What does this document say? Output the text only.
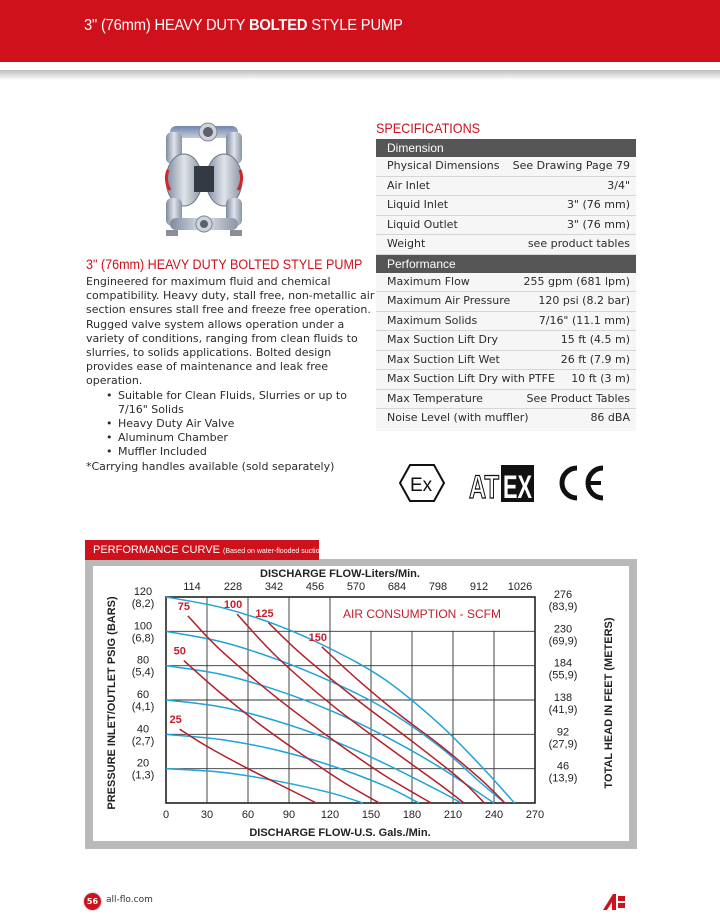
3" (76mm) HEAVY DUTY BOLTED STYLE PUMP
3" (76mm) HEAVY DUTY BOLTED STYLE PUMP

Engineered for maximum fluid and chemical compatibility. Heavy duty, stall free, non-metallic air section ensures stall free and freeze free operation. Rugged valve system allows operation under a variety of conditions, ranging from clean fluids to slurries, to solids applications. Bolted design provides ease of maintenance and leak free operation.

• Suitable for Clean Fluids, Slurries or up to 7/16" Solids
• Heavy Duty Air Valve
• Aluminum Chamber
• Muffler Included
*Carrying handles available (sold separately)
SPECIFICATIONS
Dimension
Physical Dimensions See Drawing Page 79
Air Inlet	3/4"
Liquid Inlet	3" (76 mm)
Liquid Outlet	3" (76 mm)
Weight	see product tables
Performance
Maximum Flow	255 gpm (681 lpm)
Maximum Air Pressure	120 psi (8.2 bar)
Maximum Solids	7/16" (11.1 mm)
Max Suction Lift Dry	15 ft (4.5 m)
Max Suction Lift Wet	26 ft (7.9 m)
Max Suction Lift Dry with PTFE 10 ft (3 m)
Max Temperature	See Product Tables
Noise Level (with muffler)	86 dBA
Ex AT EX
CE
DISCHARGE FLOW-Liters/Min.
114 228 342 456 570 684 798 912 1026
120
(8,2)
100
(6,8)
80
(5,4)
60
(4,1)
40
(2,7)
20
(1,3)
276
(83,9)
230
(69,9)
184
(55,9)
138
(41,9)
92
(27,9)
46
(13,9)
25
50
75	100
125
150
AIR CONSUMPTION - SCFM
0	30	60	90 120 150 180 210 240 270
DISCHARGE FLOW-U.S. Gals./Min.
PRESSURE INLET/OUTLET PSIG (BARS)	TOTAL HEAD IN FEET (METERS)
PERFORMANCE CURVE (Based on water-flooded suction)
56 all-flo.com
